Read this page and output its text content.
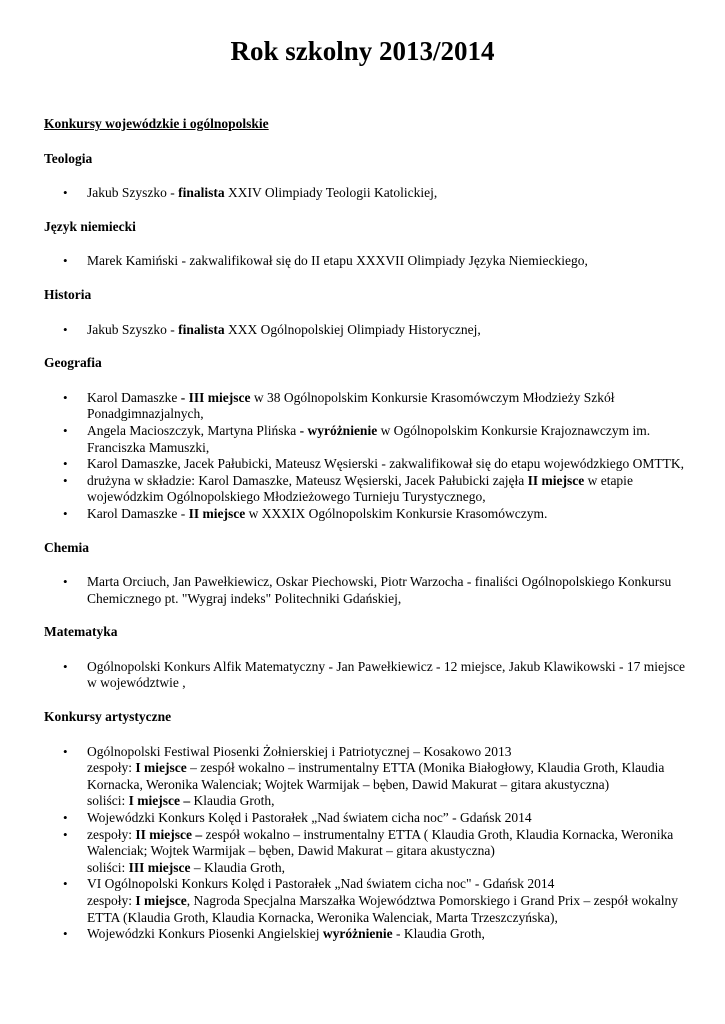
Rok szkolny 2013/2014
Konkursy wojewódzkie i ogólnopolskie
Teologia
• Jakub Szyszko - finalista XXIV Olimpiady Teologii Katolickiej,
Język niemiecki
• Marek Kamiński - zakwalifikował się do II etapu XXXVII Olimpiady Języka Niemieckiego,
Historia
• Jakub Szyszko - finalista XXX Ogólnopolskiej Olimpiady Historycznej,
Geografia
• Karol Damaszke - III miejsce w 38 Ogólnopolskim Konkursie Krasomówczym Młodzieży Szkół Ponadgimnazjalnych,
• Angela Macioszczyk, Martyna Plińska - wyróżnienie w Ogólnopolskim Konkursie Krajoznawczym im. Franciszka Mamuszki,
• Karol Damaszke, Jacek Pałubicki, Mateusz Węsierski - zakwalifikował się do etapu wojewódzkiego OMTTK,
• drużyna w składzie: Karol Damaszke, Mateusz Węsierski, Jacek Pałubicki zajęła II miejsce w etapie wojewódzkim Ogólnopolskiego Młodzieżowego Turnieju Turystycznego,
• Karol Damaszke - II miejsce w XXXIX Ogólnopolskim Konkursie Krasomówczym.
Chemia
• Marta Orciuch, Jan Pawełkiewicz, Oskar Piechowski, Piotr Warzocha - finaliści Ogólnopolskiego Konkursu Chemicznego pt. "Wygraj indeks" Politechniki Gdańskiej,
Matematyka
• Ogólnopolski Konkurs Alfik Matematyczny - Jan Pawełkiewicz - 12 miejsce, Jakub Klawikowski - 17 miejsce w województwie ,
Konkursy artystyczne
• Ogólnopolski Festiwal Piosenki Żołnierskiej i Patriotycznej – Kosakowo 2013
zespoły: I miejsce – zespół wokalno – instrumentalny ETTA (Monika Białogłowy, Klaudia Groth, Klaudia Kornacka, Weronika Walenciak; Wojtek Warmijak – bęben, Dawid Makurat – gitara akustyczna)
soliści: I miejsce – Klaudia Groth,
• Wojewódzki Konkurs Kolęd i Pastorałek „Nad światem cicha noc” - Gdańsk 2014
• zespoły: II miejsce – zespół wokalno – instrumentalny ETTA ( Klaudia Groth, Klaudia Kornacka, Weronika Walenciak; Wojtek Warmijak – bęben, Dawid Makurat – gitara akustyczna)
soliści: III miejsce – Klaudia Groth,
• VI Ogólnopolski Konkurs Kolęd i Pastorałek „Nad światem cicha noc" - Gdańsk 2014
zespoły: I miejsce, Nagroda Specjalna Marszałka Województwa Pomorskiego i Grand Prix – zespół wokalny ETTA (Klaudia Groth, Klaudia Kornacka, Weronika Walenciak, Marta Trzeszczyńska),
• Wojewódzki Konkurs Piosenki Angielskiej wyróżnienie - Klaudia Groth,
